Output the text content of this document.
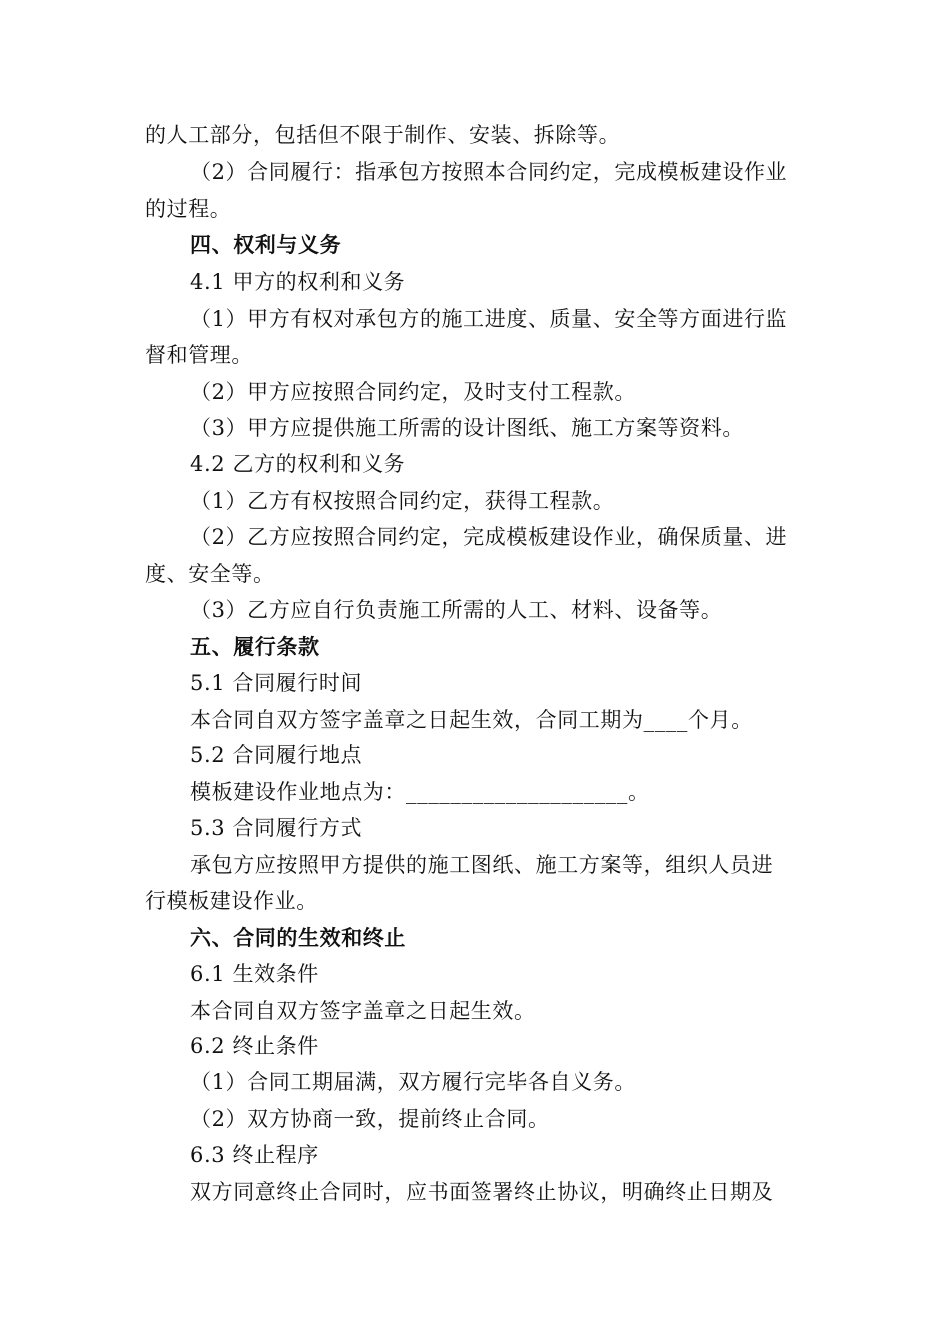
的人工部分，包括但不限于制作、安装、拆除等。
（2）合同履行：指承包方按照本合同约定，完成模板建设作业
的过程。
四、权利与义务
4.1 甲方的权利和义务
（1）甲方有权对承包方的施工进度、质量、安全等方面进行监
督和管理。
（2）甲方应按照合同约定，及时支付工程款。
（3）甲方应提供施工所需的设计图纸、施工方案等资料。
4.2 乙方的权利和义务
（1）乙方有权按照合同约定，获得工程款。
（2）乙方应按照合同约定，完成模板建设作业，确保质量、进
度、安全等。
（3）乙方应自行负责施工所需的人工、材料、设备等。
五、履行条款
5.1 合同履行时间
本合同自双方签字盖章之日起生效，合同工期为____个月。
5.2 合同履行地点
模板建设作业地点为：____________________。
5.3 合同履行方式
承包方应按照甲方提供的施工图纸、施工方案等，组织人员进
行模板建设作业。
六、合同的生效和终止
6.1 生效条件
本合同自双方签字盖章之日起生效。
6.2 终止条件
（1）合同工期届满，双方履行完毕各自义务。
（2）双方协商一致，提前终止合同。
6.3 终止程序
双方同意终止合同时，应书面签署终止协议，明确终止日期及
